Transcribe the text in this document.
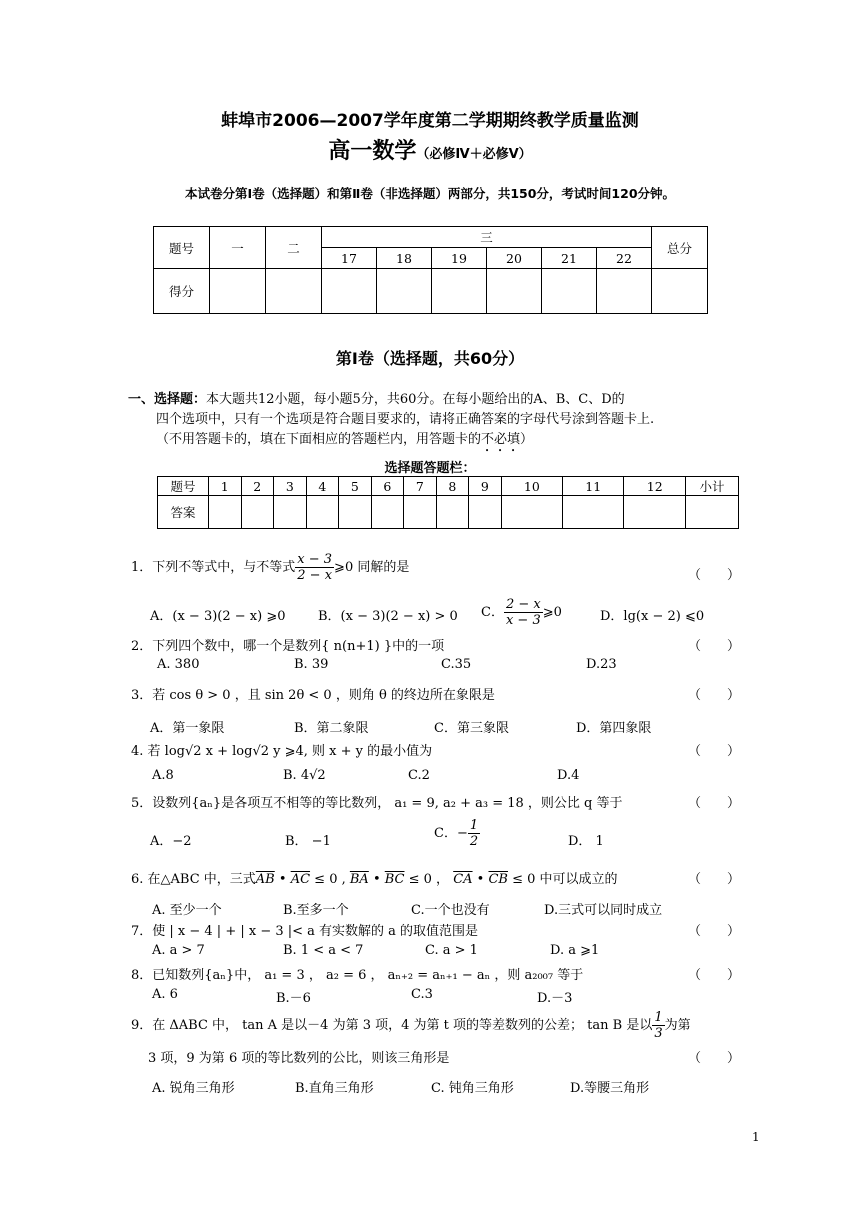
蚌埠市2006—2007学年度第二学期期终教学质量监测
高一数学（必修Ⅳ＋必修Ⅴ）
本试卷分第Ⅰ卷（选择题）和第Ⅱ卷（非选择题）两部分，共150分，考试时间120分钟。
题号	一	二	三						总分
			17	18	19	20	21	22	
得分									
第Ⅰ卷（选择题，共60分）
一、选择题：本大题共12小题，每小题5分，共60分。在每小题给出的A、B、C、D的
四个选项中，只有一个选项是符合题目要求的，请将正确答案的字母代号涂到答题卡上.
（不用答题卡的，填在下面相应的答题栏内，用答题卡的不必填）
选择题答题栏：
题号	1	2	3	4	5	6	7	8	9	10	11	12	小计
答案													
1．下列不等式中，与不等式 $\frac{x - 3}{2 - x}$ ⩾0 同解的是
（　　）
A．(x − 3)(2 − x) ⩾0	B．(x − 3)(2 − x) > 0 C． $\frac{2 - x}{x - 3}$ ⩾0	D．lg(x − 2) ⩽0
2．下列四个数中，哪一个是数列{ n(n+1) }中的一项	（　　）
A. 380	B. 39	C.35	D.23
3．若 cos θ > 0 ，且 sin 2θ < 0 ，则角 θ 的终边所在象限是	（　　）
A．第一象限	B．第二象限	C．第三象限	D．第四象限
4. 若 log√2 x + log√2 y ⩾4, 则 x + y 的最小值为	（　　）
A.8	B. 4√2	C.2	D.4
5．设数列{aₙ}是各项互不相等的等比数列， a₁ = 9, a₂ + a₃ = 18 ，则公比 q 等于	（　　）
A．−2	B． −1
C．− $\frac{1}{2}$	D． 1
6. 在△ABC 中，三式$\overline{AB}$ • $\overline{AC} \le 0$ , $\overline{BA}$ • $\overline{BC} \le 0$ ， $\overline{CA}$ • $\overline{CB} \le 0$ 中可以成立的	（　　）
A. 至少一个	B.至多一个	C.一个也没有	D.三式可以同时成立
7．使 | x − 4 | + | x − 3 |< a 有实数解的 a 的取值范围是	（　　）
A. a > 7	B. 1 < a < 7	C. a > 1	D. a ⩾1
8．已知数列{aₙ}中， a₁ = 3 ， a₂ = 6 ， aₙ₊₂ = aₙ₊₁ − aₙ ，则 a₂₀₀₇ 等于	（　　）
A. 6	B.－6	C.3	D.－3
9．在 ΔABC 中， tan A 是以－4 为第 3 项，4 为第 t 项的等差数列的公差； tan B 是以 $\frac{1}{3}$ 为第
3 项，9 为第 6 项的等比数列的公比，则该三角形是	（　　）
A. 锐角三角形	B.直角三角形	C. 钝角三角形	D.等腰三角形
1
